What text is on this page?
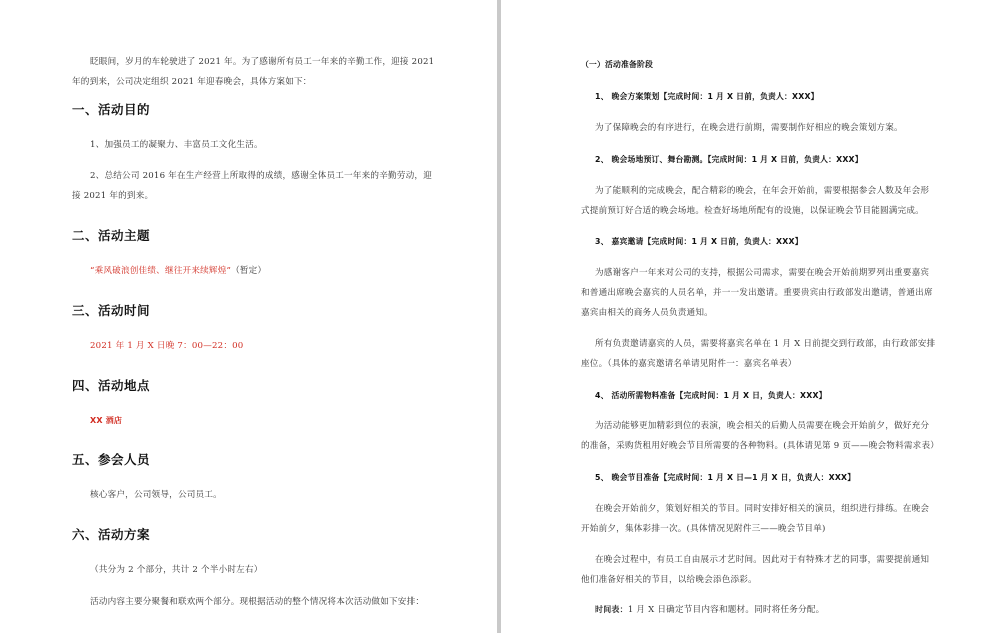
眨眼间，岁月的车轮驶进了 2021 年。为了感谢所有员工一年来的辛勤工作，迎接 2021
年的到来，公司决定组织 2021 年迎春晚会，具体方案如下：
一、活动目的
1、加强员工的凝聚力、丰富员工文化生活。
2、总结公司 2016 年在生产经营上所取得的成绩，感谢全体员工一年来的辛勤劳动，迎
接 2021 年的到来。
二、活动主题
“乘风破浪创佳绩、继往开来续辉煌”（暂定）
三、活动时间
2021 年 1 月 X 日晚 7：00—22：00
四、活动地点
XX 酒店
五、参会人员
核心客户，公司领导，公司员工。
六、活动方案
（共分为 2 个部分，共计 2 个半小时左右）
活动内容主要分聚餐和联欢两个部分。现根据活动的整个情况将本次活动做如下安排：
（一）活动准备阶段
1、 晚会方案策划【完成时间：1 月 X 日前，负责人：XXX】
为了保障晚会的有序进行，在晚会进行前期，需要制作好相应的晚会策划方案。
2、 晚会场地预订、舞台勘测。【完成时间：1 月 X 日前，负责人：XXX】
为了能顺利的完成晚会，配合精彩的晚会，在年会开始前，需要根据参会人数及年会形
式提前预订好合适的晚会场地。检查好场地所配有的设施，以保证晚会节目能圆满完成。
3、 嘉宾邀请【完成时间：1 月 X 日前，负责人：XXX】
为感谢客户一年来对公司的支持，根据公司需求，需要在晚会开始前期罗列出重要嘉宾
和普通出席晚会嘉宾的人员名单，并一一发出邀请。重要贵宾由行政部发出邀请，普通出席
嘉宾由相关的商务人员负责通知。
所有负责邀请嘉宾的人员，需要将嘉宾名单在 1 月 X 日前提交到行政部，由行政部安排
座位。（具体的嘉宾邀请名单请见附件一：嘉宾名单表）
4、 活动所需物料准备【完成时间：1 月 X 日，负责人：XXX】
为活动能够更加精彩到位的表演，晚会相关的后勤人员需要在晚会开始前夕，做好充分
的准备，采购货租用好晚会节目所需要的各种物料。(具体请见第 9 页——晚会物料需求表）
5、 晚会节目准备【完成时间：1 月 X 日—1 月 X 日，负责人：XXX】
在晚会开始前夕，策划好相关的节目。同时安排好相关的演员，组织进行排练。在晚会
开始前夕，集体彩排一次。(具体情况见附件三——晚会节目单)
在晚会过程中，有员工自由展示才艺时间。因此对于有特殊才艺的同事，需要提前通知
他们准备好相关的节目，以给晚会添色添彩。
时间表：1 月 X 日确定节目内容和题材。同时将任务分配。
